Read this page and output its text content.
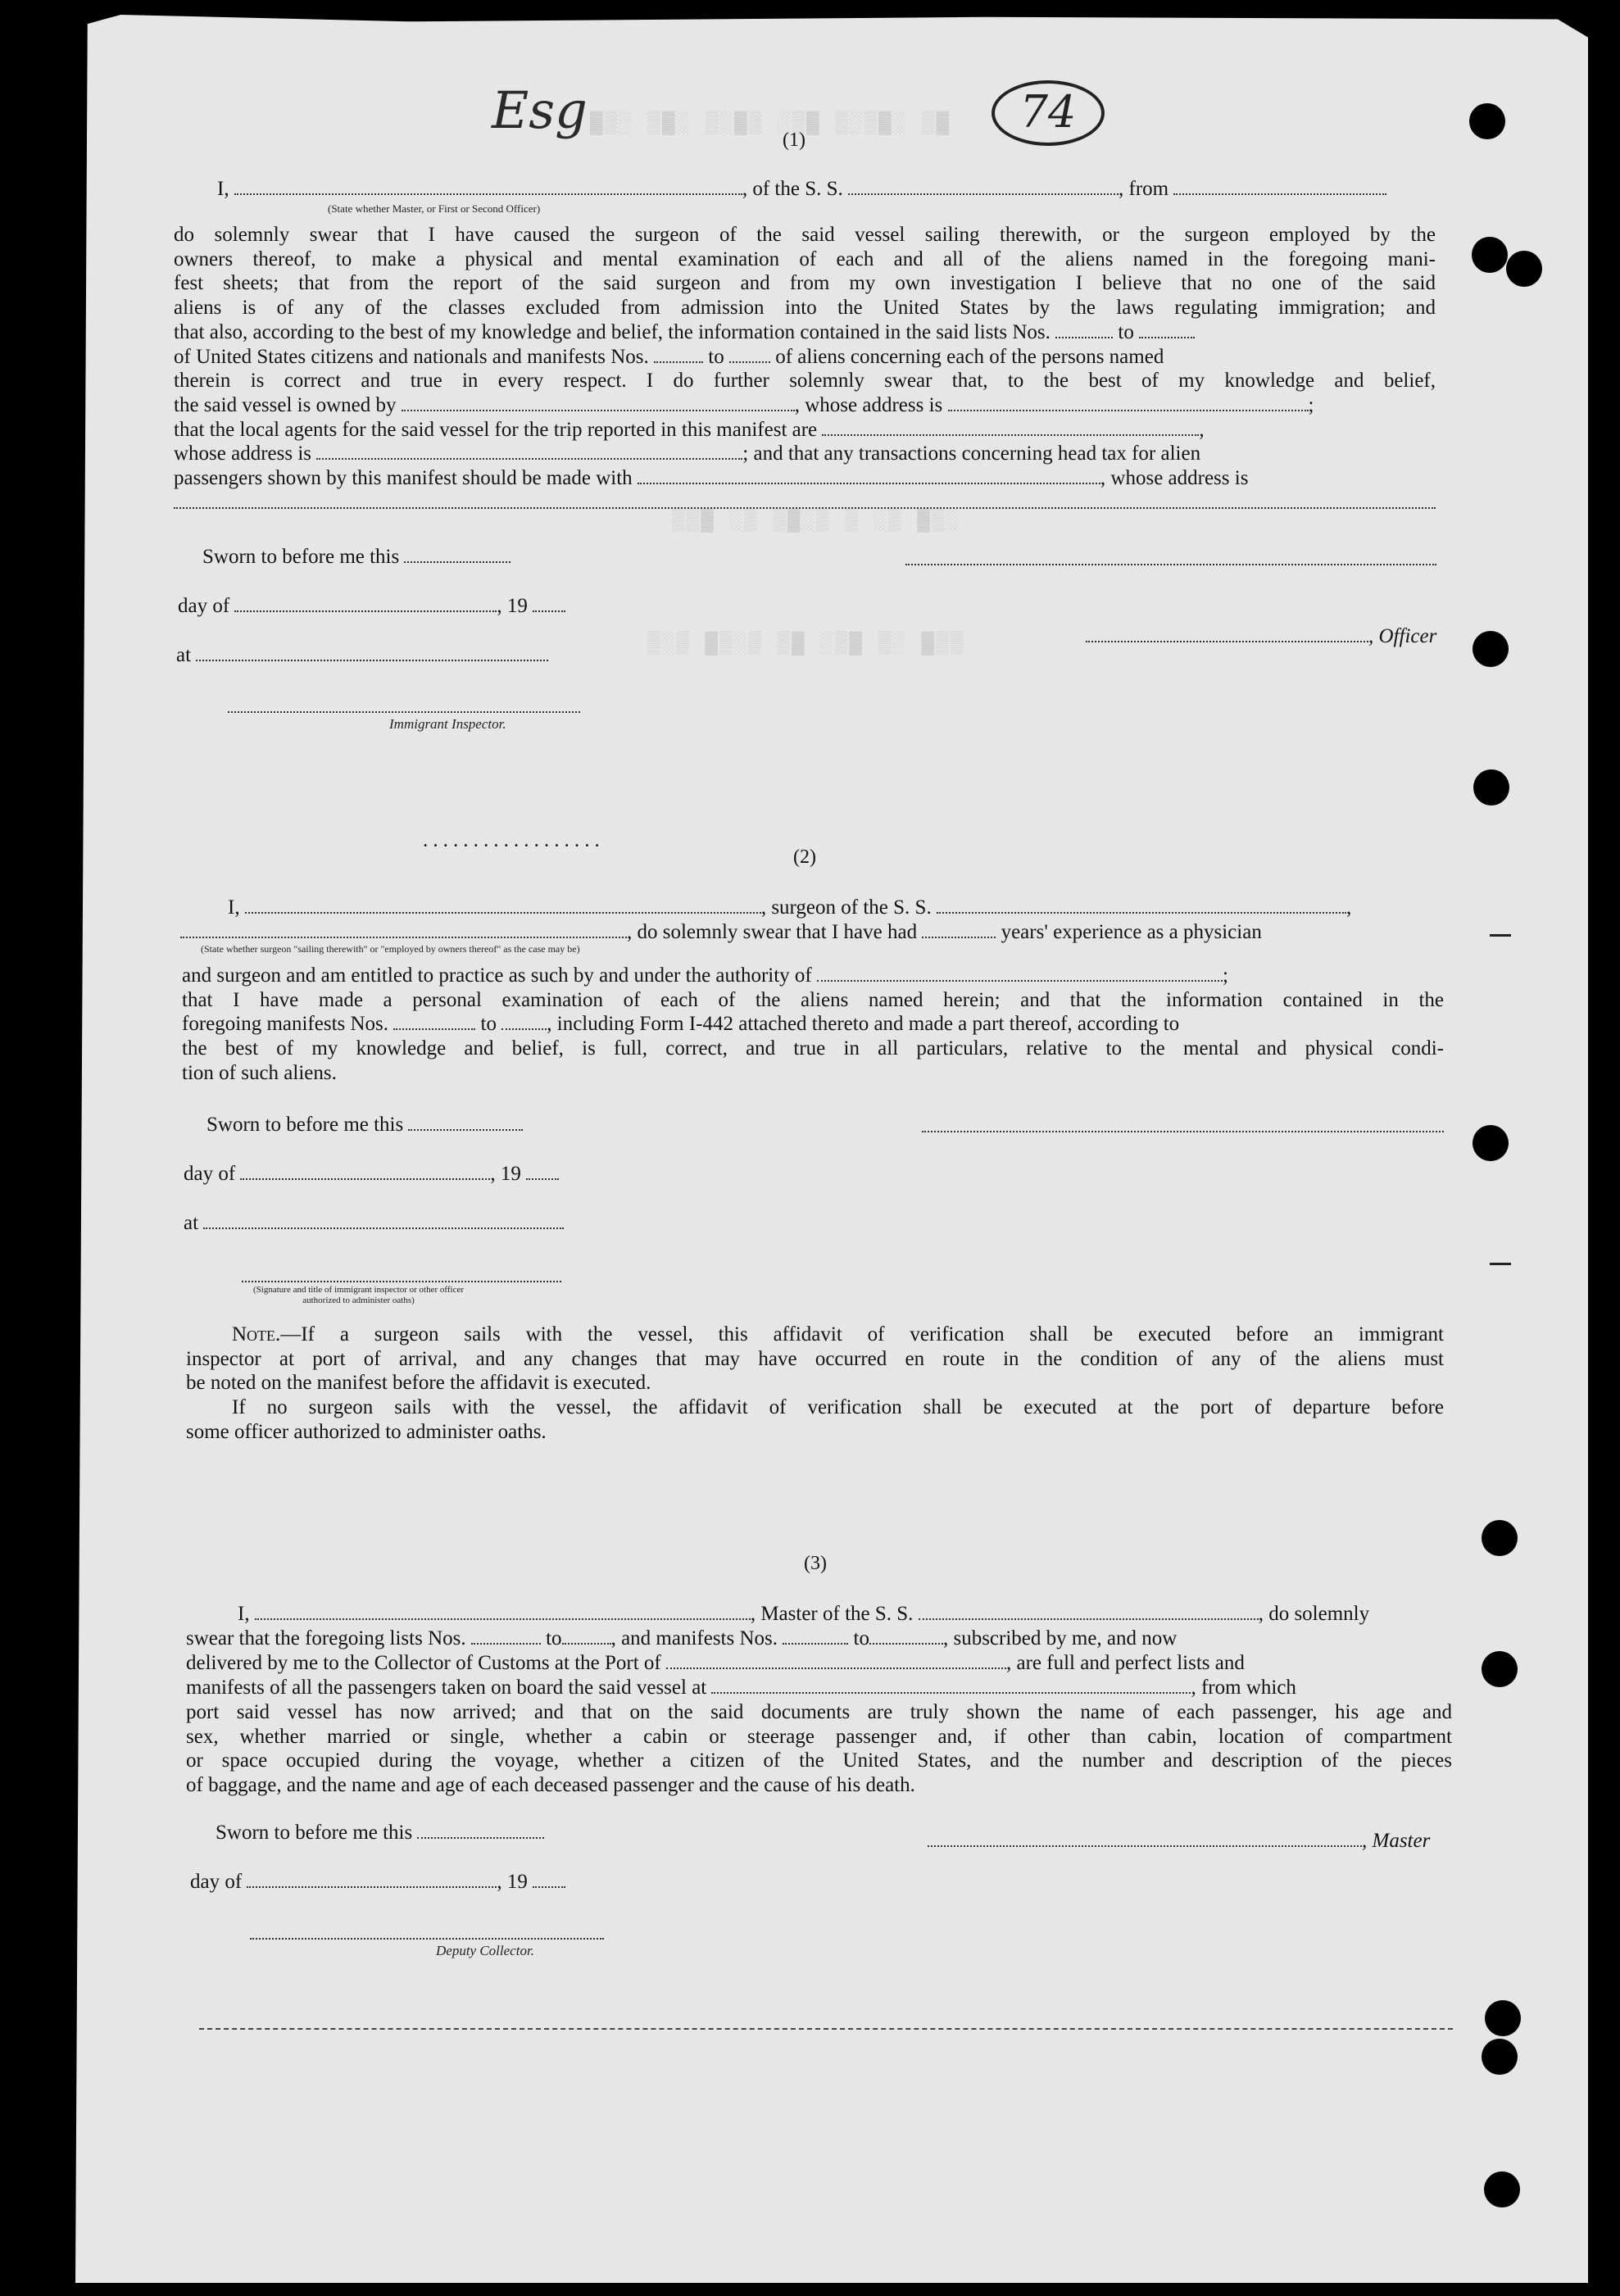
▓▒░ ▒▓░ ▒░▓▒ ░▒▓ ▒░▒▓░ ▒▓
▒▒▓ ░▒ ▒▓░▒ ▒ ░▒ ▓▒░
▒░▒ ▓▒░▒ ▒▓ ░▒▓ ▒░ ▓▒▒
Esg	74
(1)
I,	, of the S. S.	, from
(State whether Master, or First or Second Officer)
do solemnly swear that I have caused the surgeon of the said vessel sailing therewith, or the surgeon employed by the
owners thereof, to make a physical and mental examination of each and all of the aliens named in the foregoing mani-
fest sheets; that from the report of the said surgeon and from my own investigation I believe that no one of the said
aliens is of any of the classes excluded from admission into the United States by the laws regulating immigration; and
that also, according to the best of my knowledge and belief, the information contained in the said lists Nos.	to
of United States citizens and nationals and manifests Nos.	to	of aliens concerning each of the persons named
therein is correct and true in every respect. I do further solemnly swear that, to the best of my knowledge and belief,
the said vessel is owned by	, whose address is	;
that the local agents for the said vessel for the trip reported in this manifest are	,
whose address is	; and that any transactions concerning head tax for alien
passengers shown by this manifest should be made with	, whose address is
Sworn to before me this
day of	, 19
at
Immigrant Inspector.
, Officer
··················	(2)
I,	, surgeon of the S. S.	,
, do solemnly swear that I have had	years' experience as a physician
(State whether surgeon "sailing therewith" or "employed by owners thereof" as the case may be)
and surgeon and am entitled to practice as such by and under the authority of	;
that I have made a personal examination of each of the aliens named herein; and that the information contained in the
foregoing manifests Nos.	to , including Form I-442 attached thereto and made a part thereof, according to
the best of my knowledge and belief, is full, correct, and true in all particulars, relative to the mental and physical condi-
tion of such aliens.
Sworn to before me this
day of	, 19
at
(Signature and title of immigrant inspector or other officer authorized to administer oaths)
Note.—If a surgeon sails with the vessel, this affidavit of verification shall be executed before an immigrant
inspector at port of arrival, and any changes that may have occurred en route in the condition of any of the aliens must
be noted on the manifest before the affidavit is executed.
If no surgeon sails with the vessel, the affidavit of verification shall be executed at the port of departure before
some officer authorized to administer oaths.
(3)
I,	, Master of the S. S.	, do solemnly
swear that the foregoing lists Nos.	to , and manifests Nos.	to	, subscribed by me, and now
delivered by me to the Collector of Customs at the Port of	, are full and perfect lists and
manifests of all the passengers taken on board the said vessel at	, from which
port said vessel has now arrived; and that on the said documents are truly shown the name of each passenger, his age and
sex, whether married or single, whether a cabin or steerage passenger and, if other than cabin, location of compartment
or space occupied during the voyage, whether a citizen of the United States, and the number and description of the pieces
of baggage, and the name and age of each deceased passenger and the cause of his death.
Sworn to before me this
day of	, 19
Deputy Collector.
, Master
